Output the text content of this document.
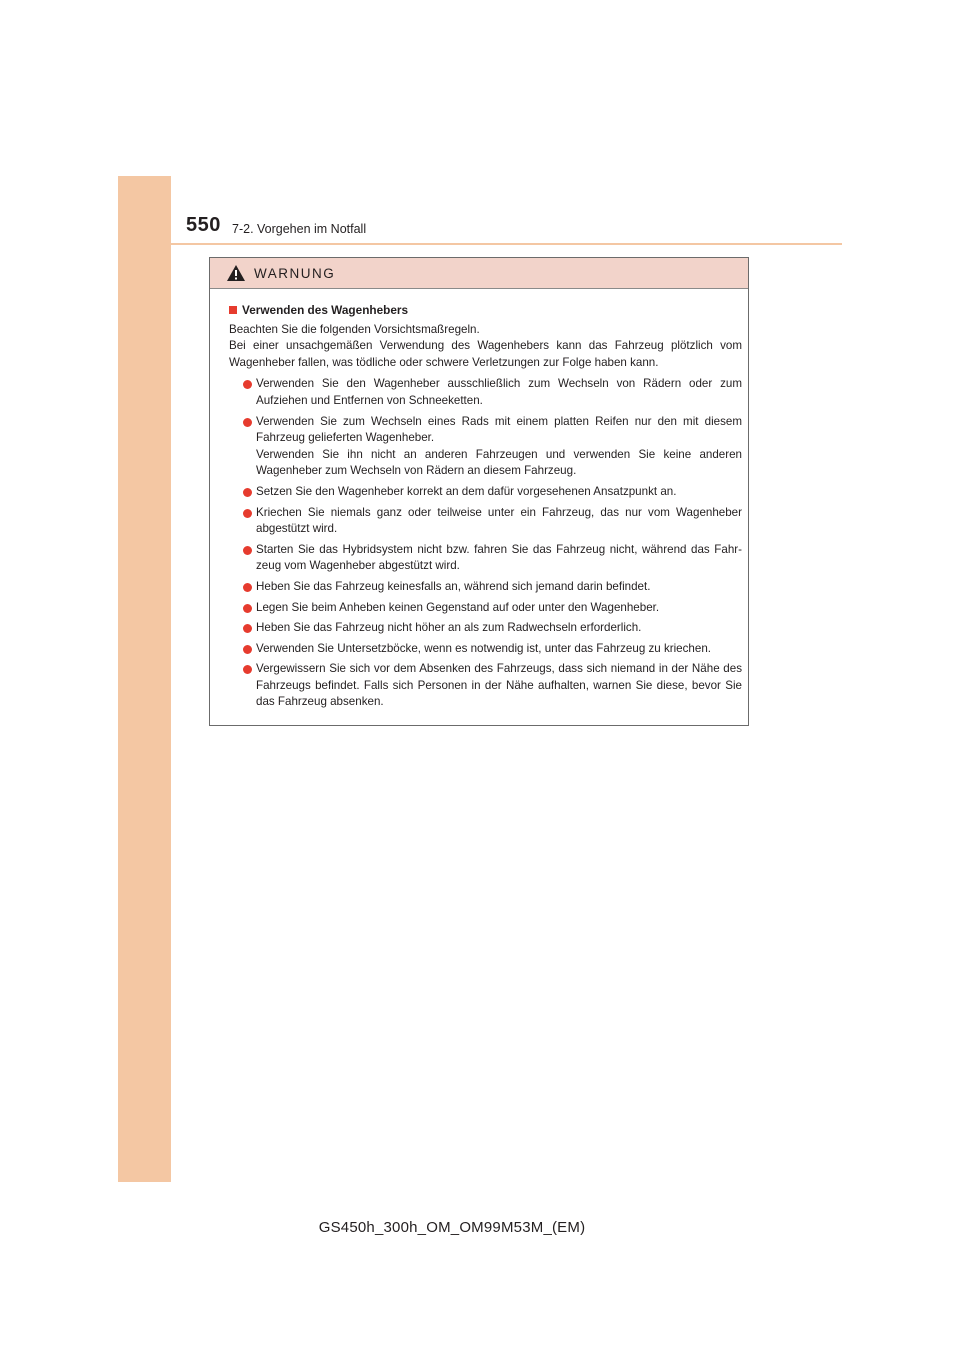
550 7-2. Vorgehen im Notfall
WARNUNG
Verwenden des Wagenhebers

Beachten Sie die folgenden Vorsichtsmaßregeln.

Bei einer unsachgemäßen Verwendung des Wagenhebers kann das Fahrzeug plötzlich vom Wagenheber fallen, was tödliche oder schwere Verletzungen zur Folge haben kann.

Verwenden Sie den Wagenheber ausschließlich zum Wechseln von Rädern oder zum Aufziehen und Entfernen von Schneeketten.
Verwenden Sie zum Wechseln eines Rads mit einem platten Reifen nur den mit diesem Fahrzeug gelieferten Wagenheber.
Verwenden Sie ihn nicht an anderen Fahrzeugen und verwenden Sie keine anderen Wagenheber zum Wechseln von Rädern an diesem Fahrzeug.
Setzen Sie den Wagenheber korrekt an dem dafür vorgesehenen Ansatzpunkt an.
Kriechen Sie niemals ganz oder teilweise unter ein Fahrzeug, das nur vom Wagenheber abgestützt wird.
Starten Sie das Hybridsystem nicht bzw. fahren Sie das Fahrzeug nicht, während das Fahr-zeug vom Wagenheber abgestützt wird.
Heben Sie das Fahrzeug keinesfalls an, während sich jemand darin befindet.
Legen Sie beim Anheben keinen Gegenstand auf oder unter den Wagenheber.
Heben Sie das Fahrzeug nicht höher an als zum Radwechseln erforderlich.
Verwenden Sie Untersetzböcke, wenn es notwendig ist, unter das Fahrzeug zu kriechen.
Vergewissern Sie sich vor dem Absenken des Fahrzeugs, dass sich niemand in der Nähe des Fahrzeugs befindet. Falls sich Personen in der Nähe aufhalten, warnen Sie diese, bevor Sie das Fahrzeug absenken.
GS450h_300h_OM_OM99M53M_(EM)
